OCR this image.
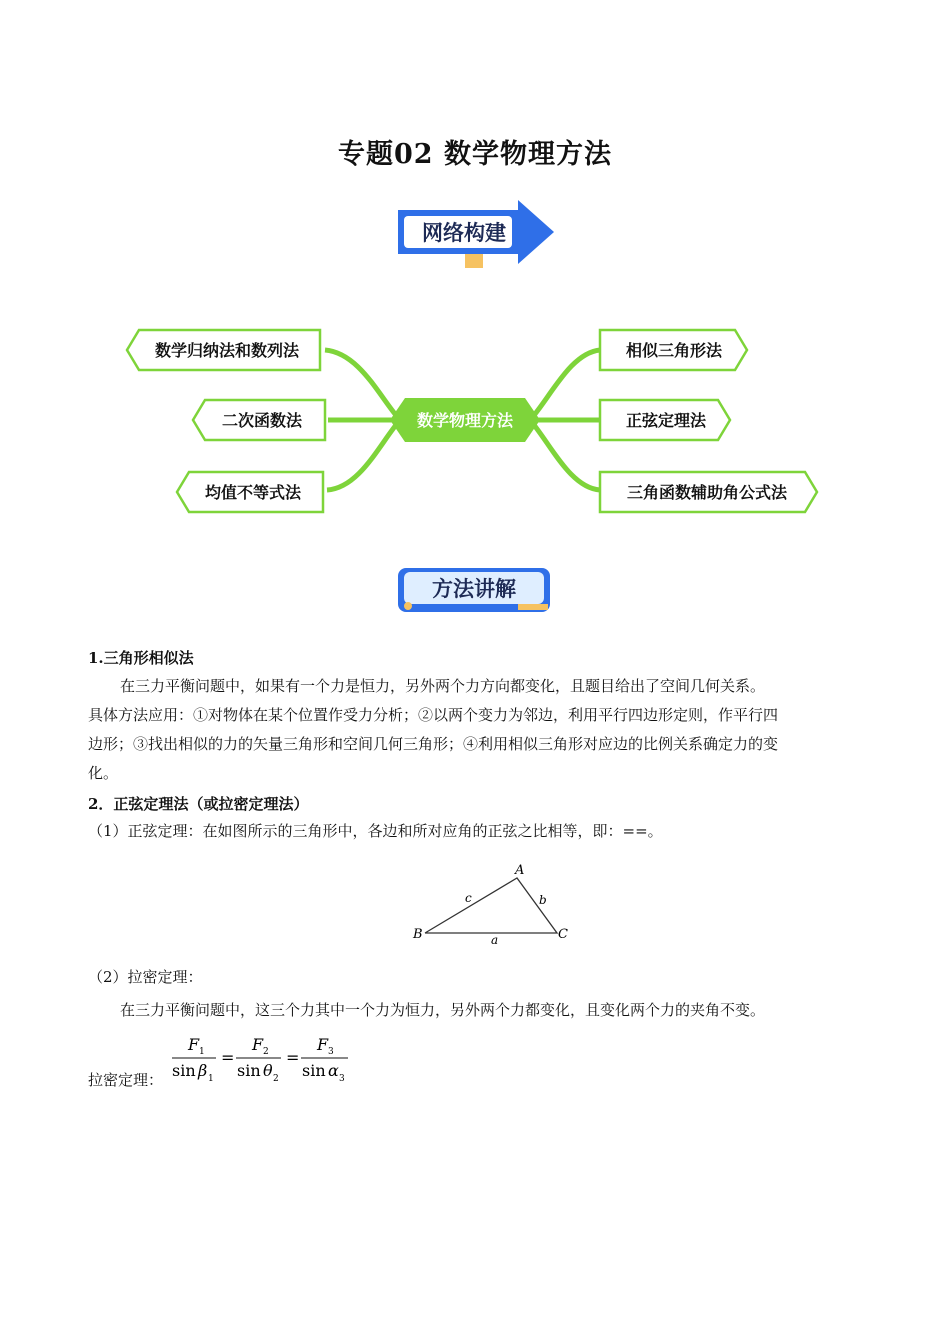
专题02 数学物理方法
网络构建
数学物理方法
数学归纳法和数列法
二次函数法
均值不等式法
相似三角形法
正弦定理法
三角函数辅助角公式法
方法讲解
1.三角形相似法
在三力平衡问题中，如果有一个力是恒力，另外两个力方向都变化，且题目给出了空间几何关系。
具体方法应用：①对物体在某个位置作受力分析；②以两个变力为邻边，利用平行四边形定则，作平行四
边形；③找出相似的力的矢量三角形和空间几何三角形；④利用相似三角形对应边的比例关系确定力的变
化。
2．正弦定理法（或拉密定理法）
（1）正弦定理：在如图所示的三角形中，各边和所对应角的正弦之比相等，即：==。
A
B	C
c	b
a
（2）拉密定理：
在三力平衡问题中，这三个力其中一个力为恒力，另外两个力都变化，且变化两个力的夹角不变。
拉密定理：
F 1
sin β 1
=
F 2
sin θ 2
=
F 3
sin α 3
